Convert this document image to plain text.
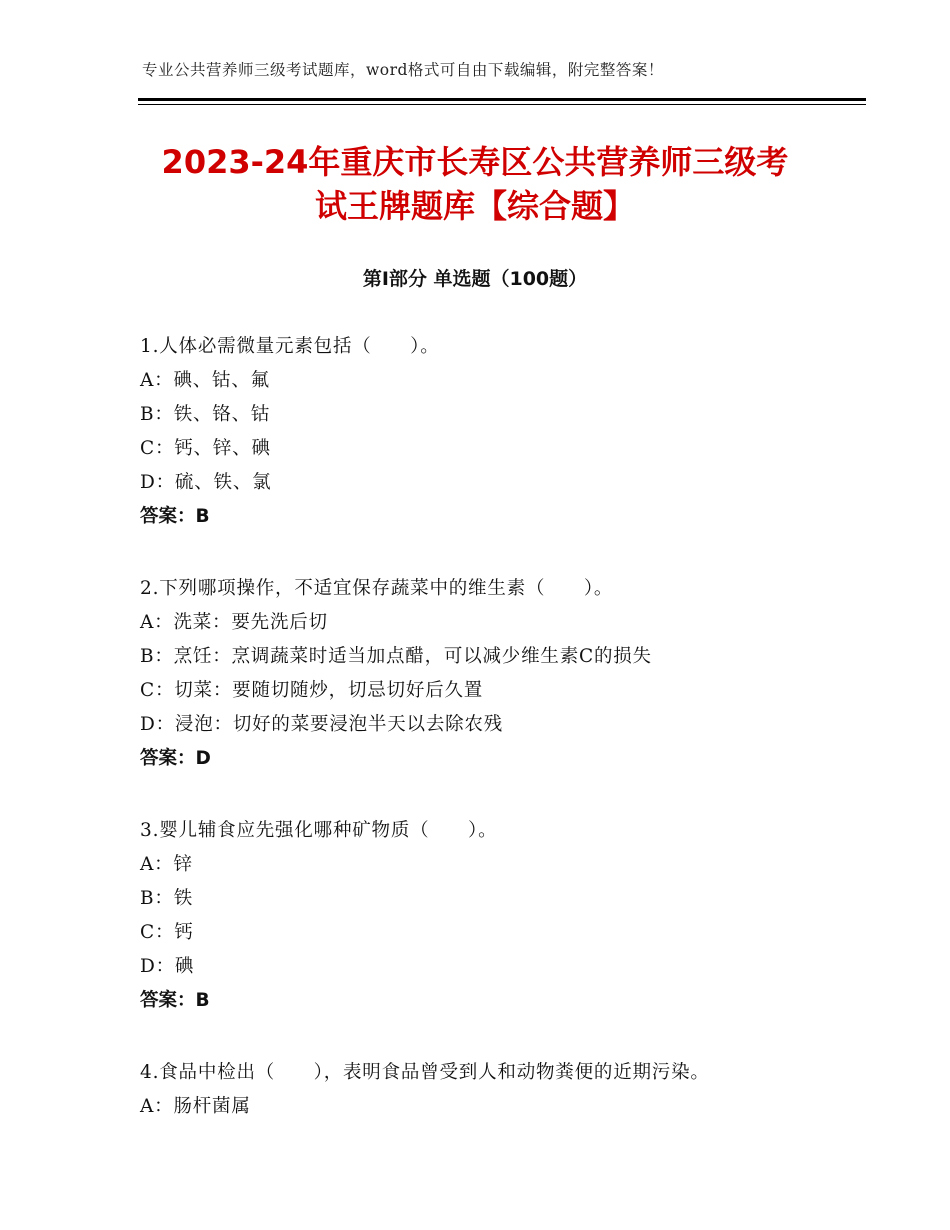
专业公共营养师三级考试题库，word格式可自由下载编辑，附完整答案！
2023-24年重庆市长寿区公共营养师三级考
试王牌题库【综合题】
第Ⅰ部分 单选题（100题）
1.人体必需微量元素包括（　　）。
A：碘、钴、氟
B：铁、铬、钴
C：钙、锌、碘
D：硫、铁、氯
答案：B
2.下列哪项操作，不适宜保存蔬菜中的维生素（　　）。
A：洗菜：要先洗后切
B：烹饪：烹调蔬菜时适当加点醋，可以减少维生素C的损失
C：切菜：要随切随炒，切忌切好后久置
D：浸泡：切好的菜要浸泡半天以去除农残
答案：D
3.婴儿辅食应先强化哪种矿物质（　　）。
A：锌
B：铁
C：钙
D：碘
答案：B
4.食品中检出（　　），表明食品曾受到人和动物粪便的近期污染。
A：肠杆菌属
